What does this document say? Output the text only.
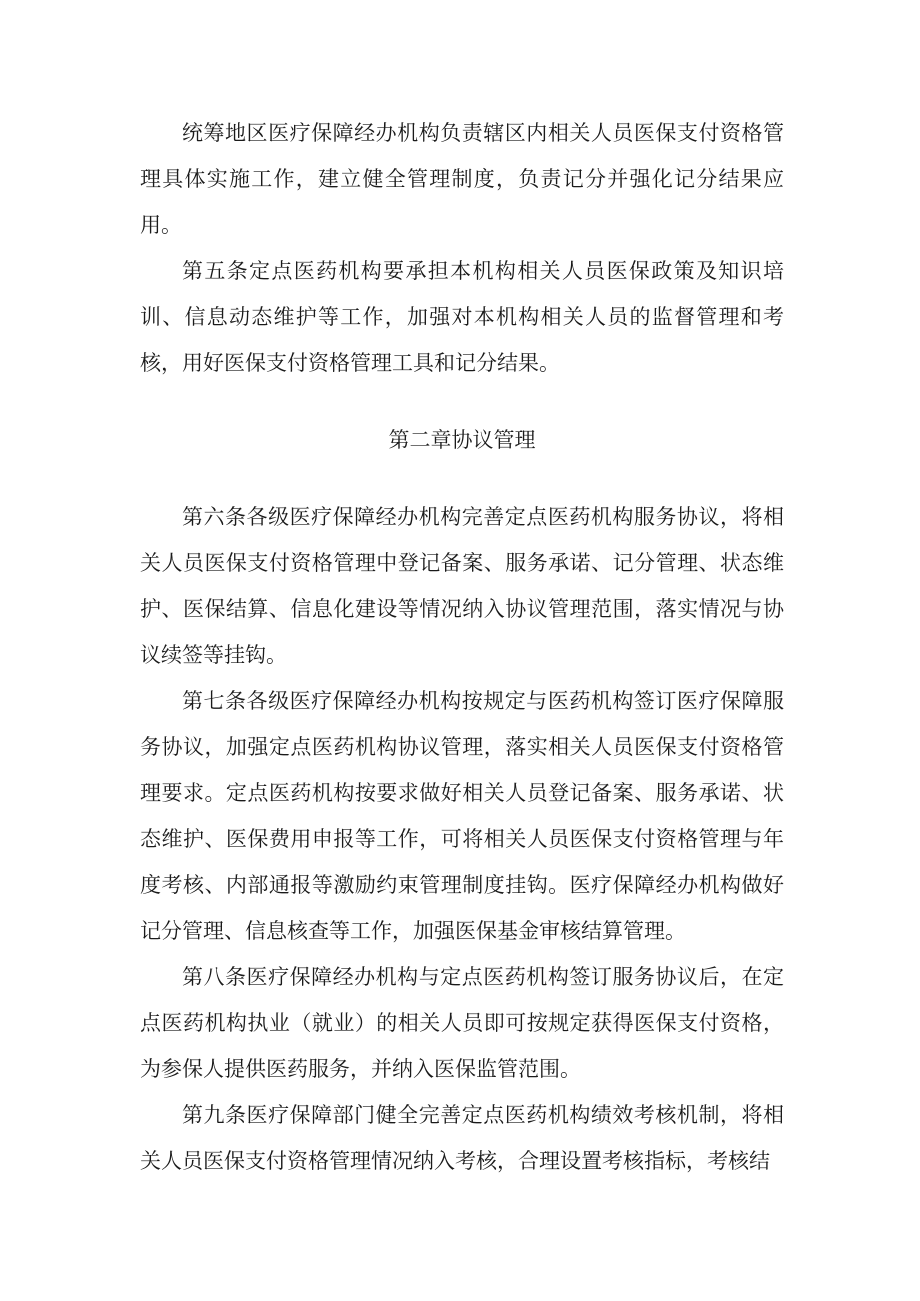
统筹地区医疗保障经办机构负责辖区内相关人员医保支付资格管理具体实施工作，建立健全管理制度，负责记分并强化记分结果应用。

第五条定点医药机构要承担本机构相关人员医保政策及知识培训、信息动态维护等工作，加强对本机构相关人员的监督管理和考核，用好医保支付资格管理工具和记分结果。

第二章协议管理

第六条各级医疗保障经办机构完善定点医药机构服务协议，将相关人员医保支付资格管理中登记备案、服务承诺、记分管理、状态维护、医保结算、信息化建设等情况纳入协议管理范围，落实情况与协议续签等挂钩。

第七条各级医疗保障经办机构按规定与医药机构签订医疗保障服务协议，加强定点医药机构协议管理，落实相关人员医保支付资格管理要求。定点医药机构按要求做好相关人员登记备案、服务承诺、状态维护、医保费用申报等工作，可将相关人员医保支付资格管理与年度考核、内部通报等激励约束管理制度挂钩。医疗保障经办机构做好记分管理、信息核查等工作，加强医保基金审核结算管理。

第八条医疗保障经办机构与定点医药机构签订服务协议后，在定点医药机构执业（就业）的相关人员即可按规定获得医保支付资格，为参保人提供医药服务，并纳入医保监管范围。

第九条医疗保障部门健全完善定点医药机构绩效考核机制，将相关人员医保支付资格管理情况纳入考核，合理设置考核指标，考核结
